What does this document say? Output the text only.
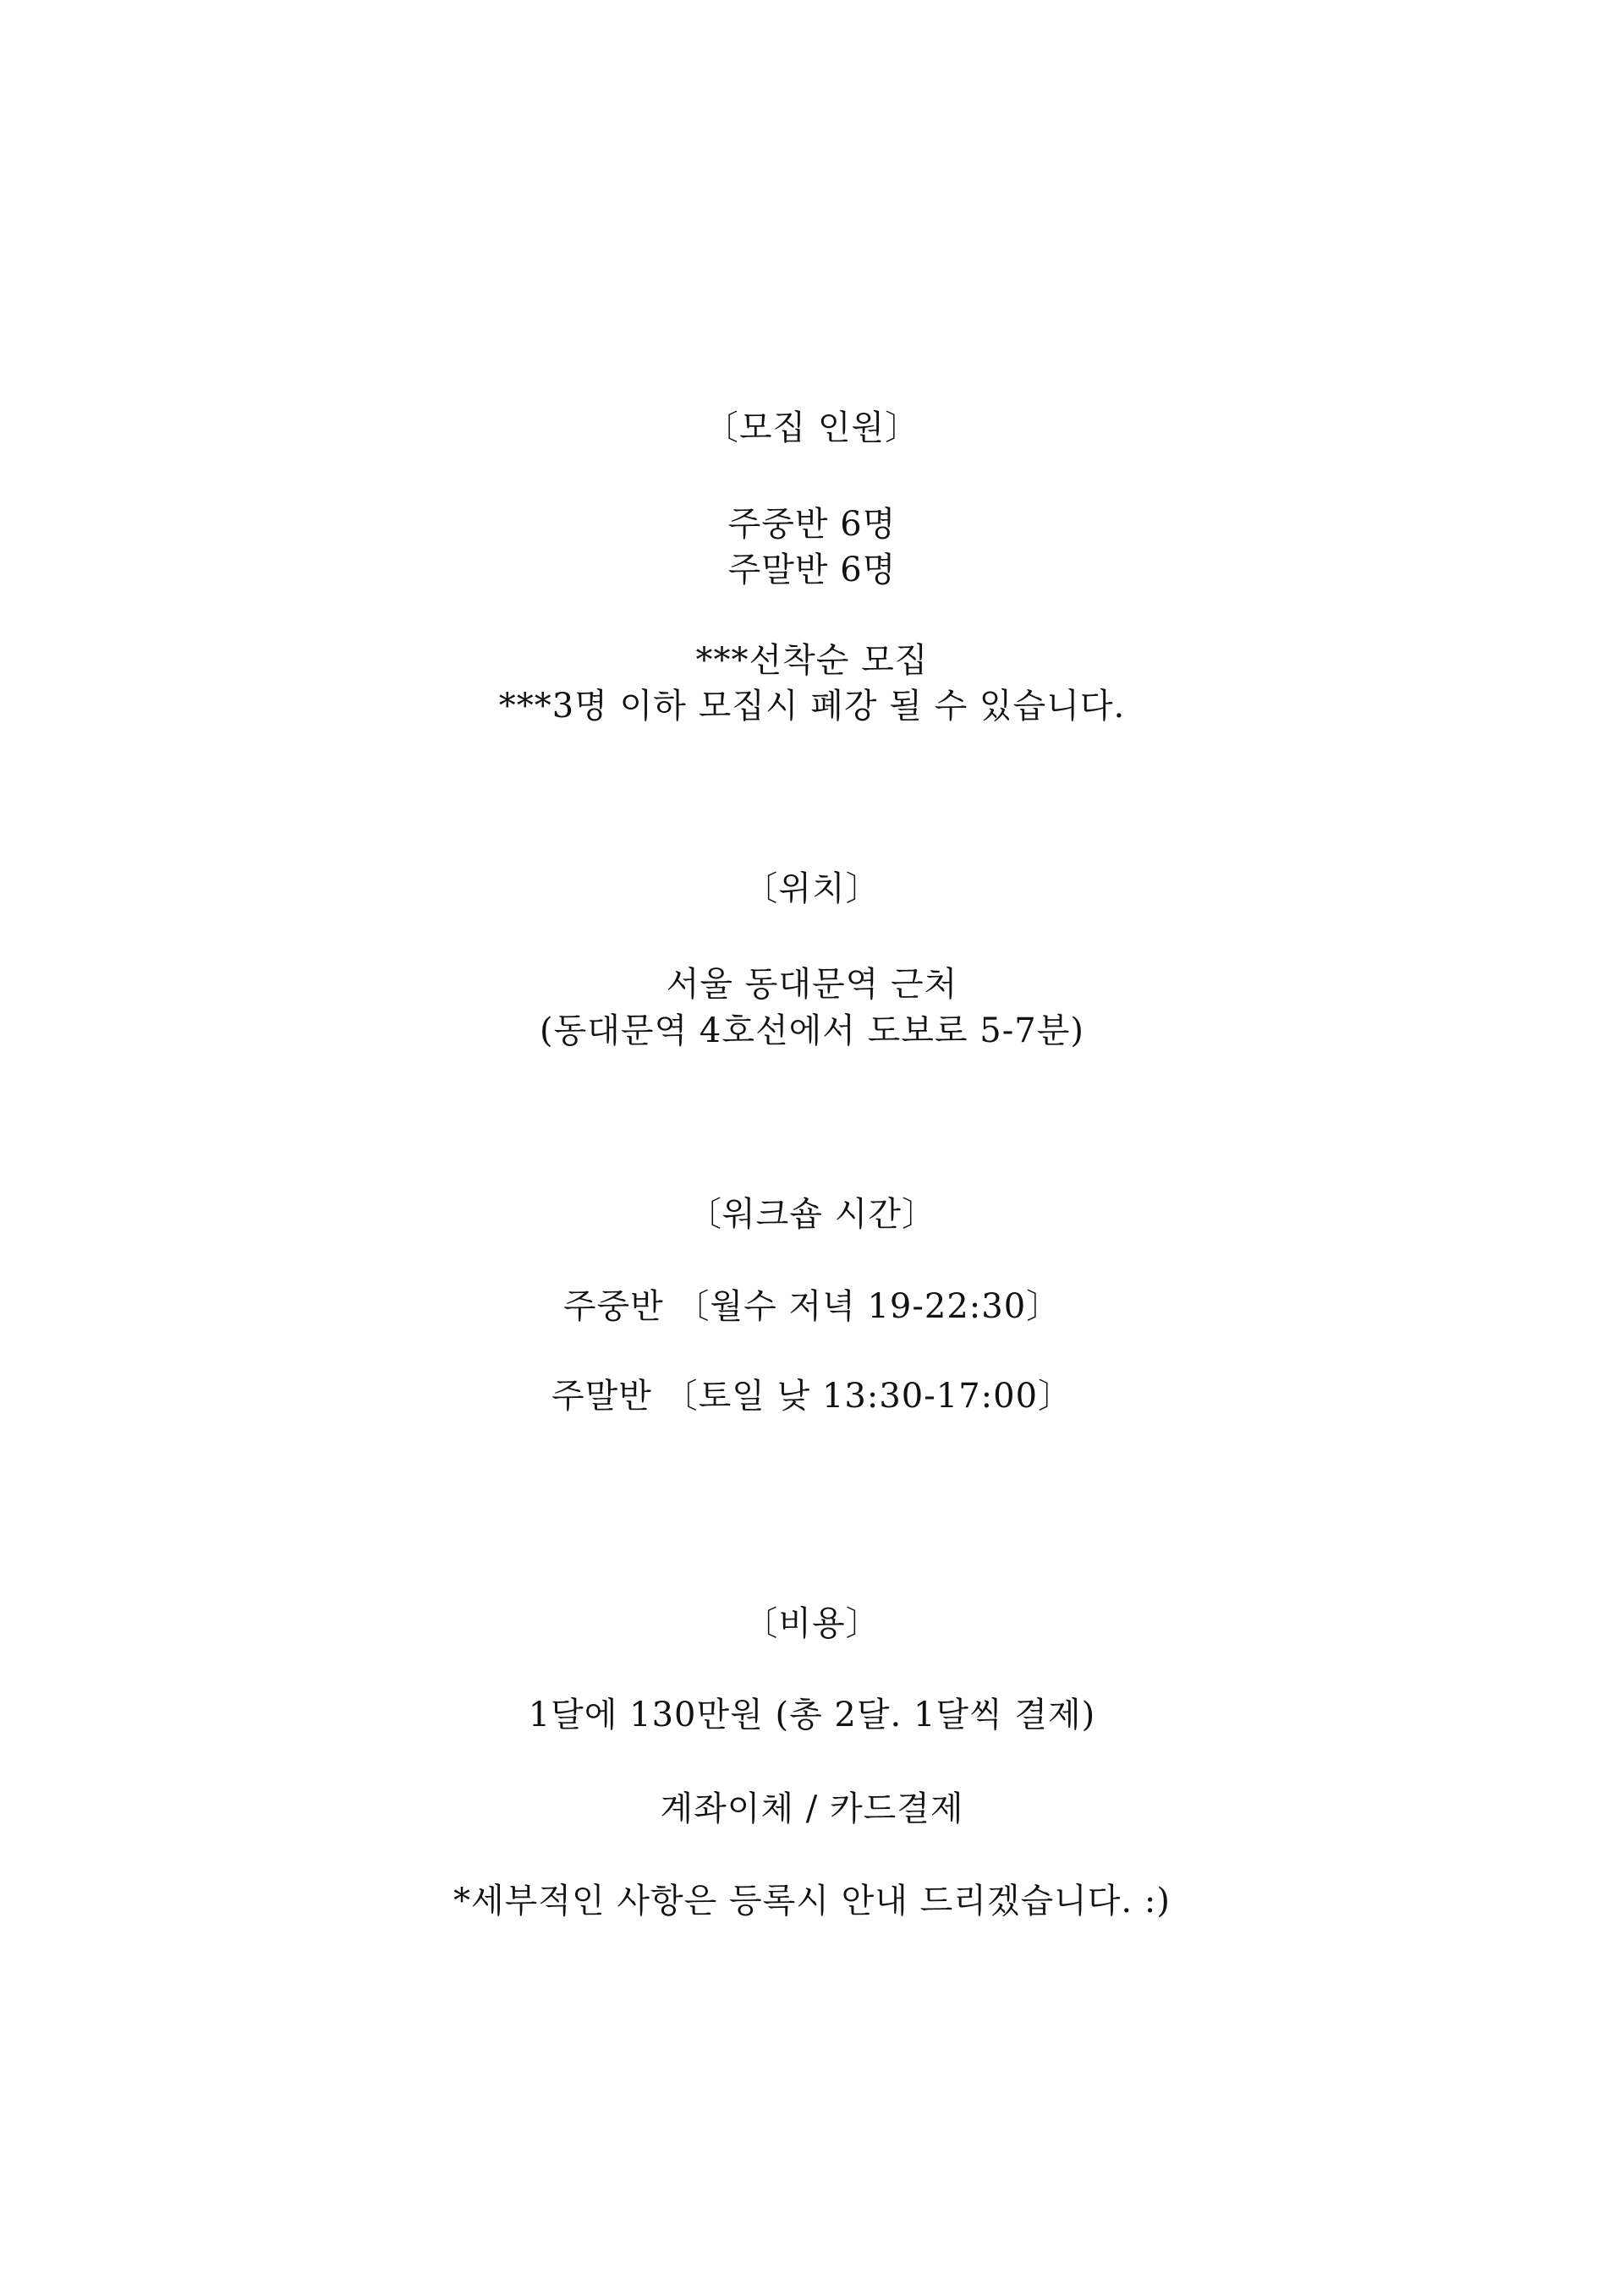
〔모집 인원〕
주중반 6명
주말반 6명
***선착순 모집
***3명 이하 모집시 폐강 될 수 있습니다.
〔위치〕
서울 동대문역 근처
(동대문역 4호선에서 도보로 5-7분)
〔워크숍 시간〕
주중반 〔월수 저녁 19-22:30〕
주말반 〔토일 낮 13:30-17:00〕
〔비용〕
1달에 130만원 (총 2달. 1달씩 결제)
계좌이체 / 카드결제
*세부적인 사항은 등록시 안내 드리겠습니다. :)
